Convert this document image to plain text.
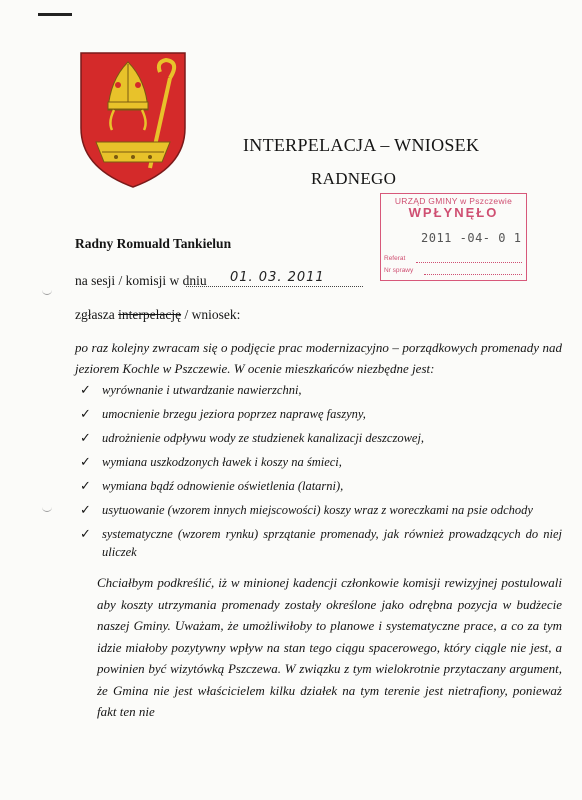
INTERPELACJA – WNIOSEK
RADNEGO
URZĄD GMINY w Pszczewie
WPŁYNĘŁO
2011 -04- 0 1
Referat
Nr sprawy
Radny Romuald Tankielun
na sesji / komisji w dniu 01. 03. 2011
zgłasza interpelację / wniosek:
po raz kolejny zwracam się o podjęcie prac modernizacyjno – porządkowych promenady nad jeziorem Kochle w Pszczewie. W ocenie mieszkańców niezbędne jest:
✓ wyrównanie i utwardzanie nawierzchni,
✓ umocnienie brzegu jeziora poprzez naprawę faszyny,
✓ udrożnienie odpływu wody ze studzienek kanalizacji deszczowej,
✓ wymiana uszkodzonych ławek i koszy na śmieci,
✓ wymiana bądź odnowienie oświetlenia (latarni),
✓ usytuowanie (wzorem innych miejscowości) koszy wraz z woreczkami na psie odchody
✓ systematyczne (wzorem rynku) sprzątanie promenady, jak również prowadzących do niej uliczek
Chciałbym podkreślić, iż w minionej kadencji członkowie komisji rewizyjnej postulowali aby koszty utrzymania promenady zostały określone jako odrębna pozycja w budżecie naszej Gminy. Uważam, że umożliwiłoby to planowe i systematyczne prace, a co za tym idzie miałoby pozytywny wpływ na stan tego ciągu spacerowego, który ciągle nie jest, a powinien być wizytówką Pszczewa. W związku z tym wielokrotnie przytaczany argument, że Gmina nie jest właścicielem kilku działek na tym terenie jest nietrafiony, ponieważ fakt ten nie
